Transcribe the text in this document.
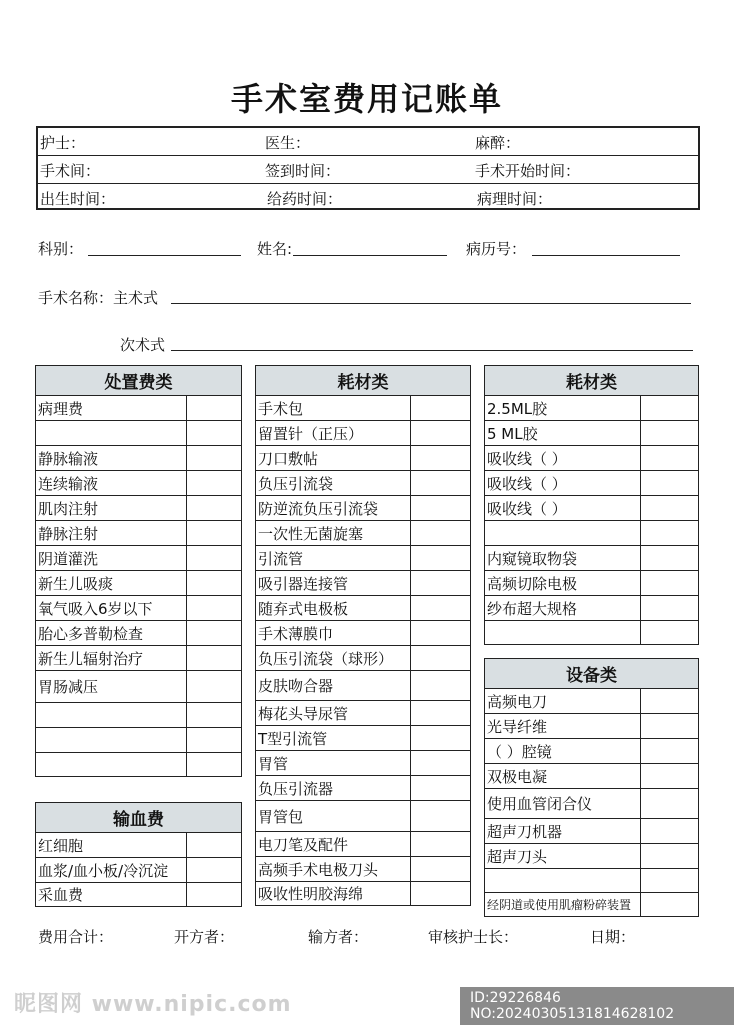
手术室费用记账单
护士：	医生：	麻醉：
手术间：	签到时间：	手术开始时间：
出生时间：	给药时间：	病理时间：
科别：	姓名:	病历号：
手术名称：主术式
次术式
处置费类	
病理费	

静脉输液	
连续输液	
肌肉注射	
静脉注射	
阴道灌洗	
新生儿吸痰	
氧气吸入6岁以下	
胎心多普勒检查	
新生儿辐射治疗	
胃肠减压	

输血费	
红细胞	
血浆/血小板/冷沉淀	
采血费	
耗材类	
手术包	
留置针（正压）	
刀口敷帖	
负压引流袋	
防逆流负压引流袋	
一次性无菌旋塞	
引流管	
吸引器连接管	
随弃式电极板	
手术薄膜巾	
负压引流袋（球形）	
皮肤吻合器	
梅花头导尿管	
T型引流管	
胃管	
负压引流器	
胃管包	
电刀笔及配件	
高频手术电极刀头	
吸收性明胶海绵	
耗材类	
2.5ML胶	
5 ML胶	
吸收线（ ）	
吸收线（ ）	
吸收线（ ）	

内窥镜取物袋	
高频切除电极	
纱布超大规格	

设备类	
高频电刀	
光导纤维	
（ ）腔镜	
双极电凝	
使用血管闭合仪	
超声刀机器	
超声刀头	

经阴道或使用肌瘤粉碎装置	
费用合计：	开方者：	输方者：	审核护士长：	日期：
昵图网 www.nipic.com	ID:29226846 NO:20240305131814628102
